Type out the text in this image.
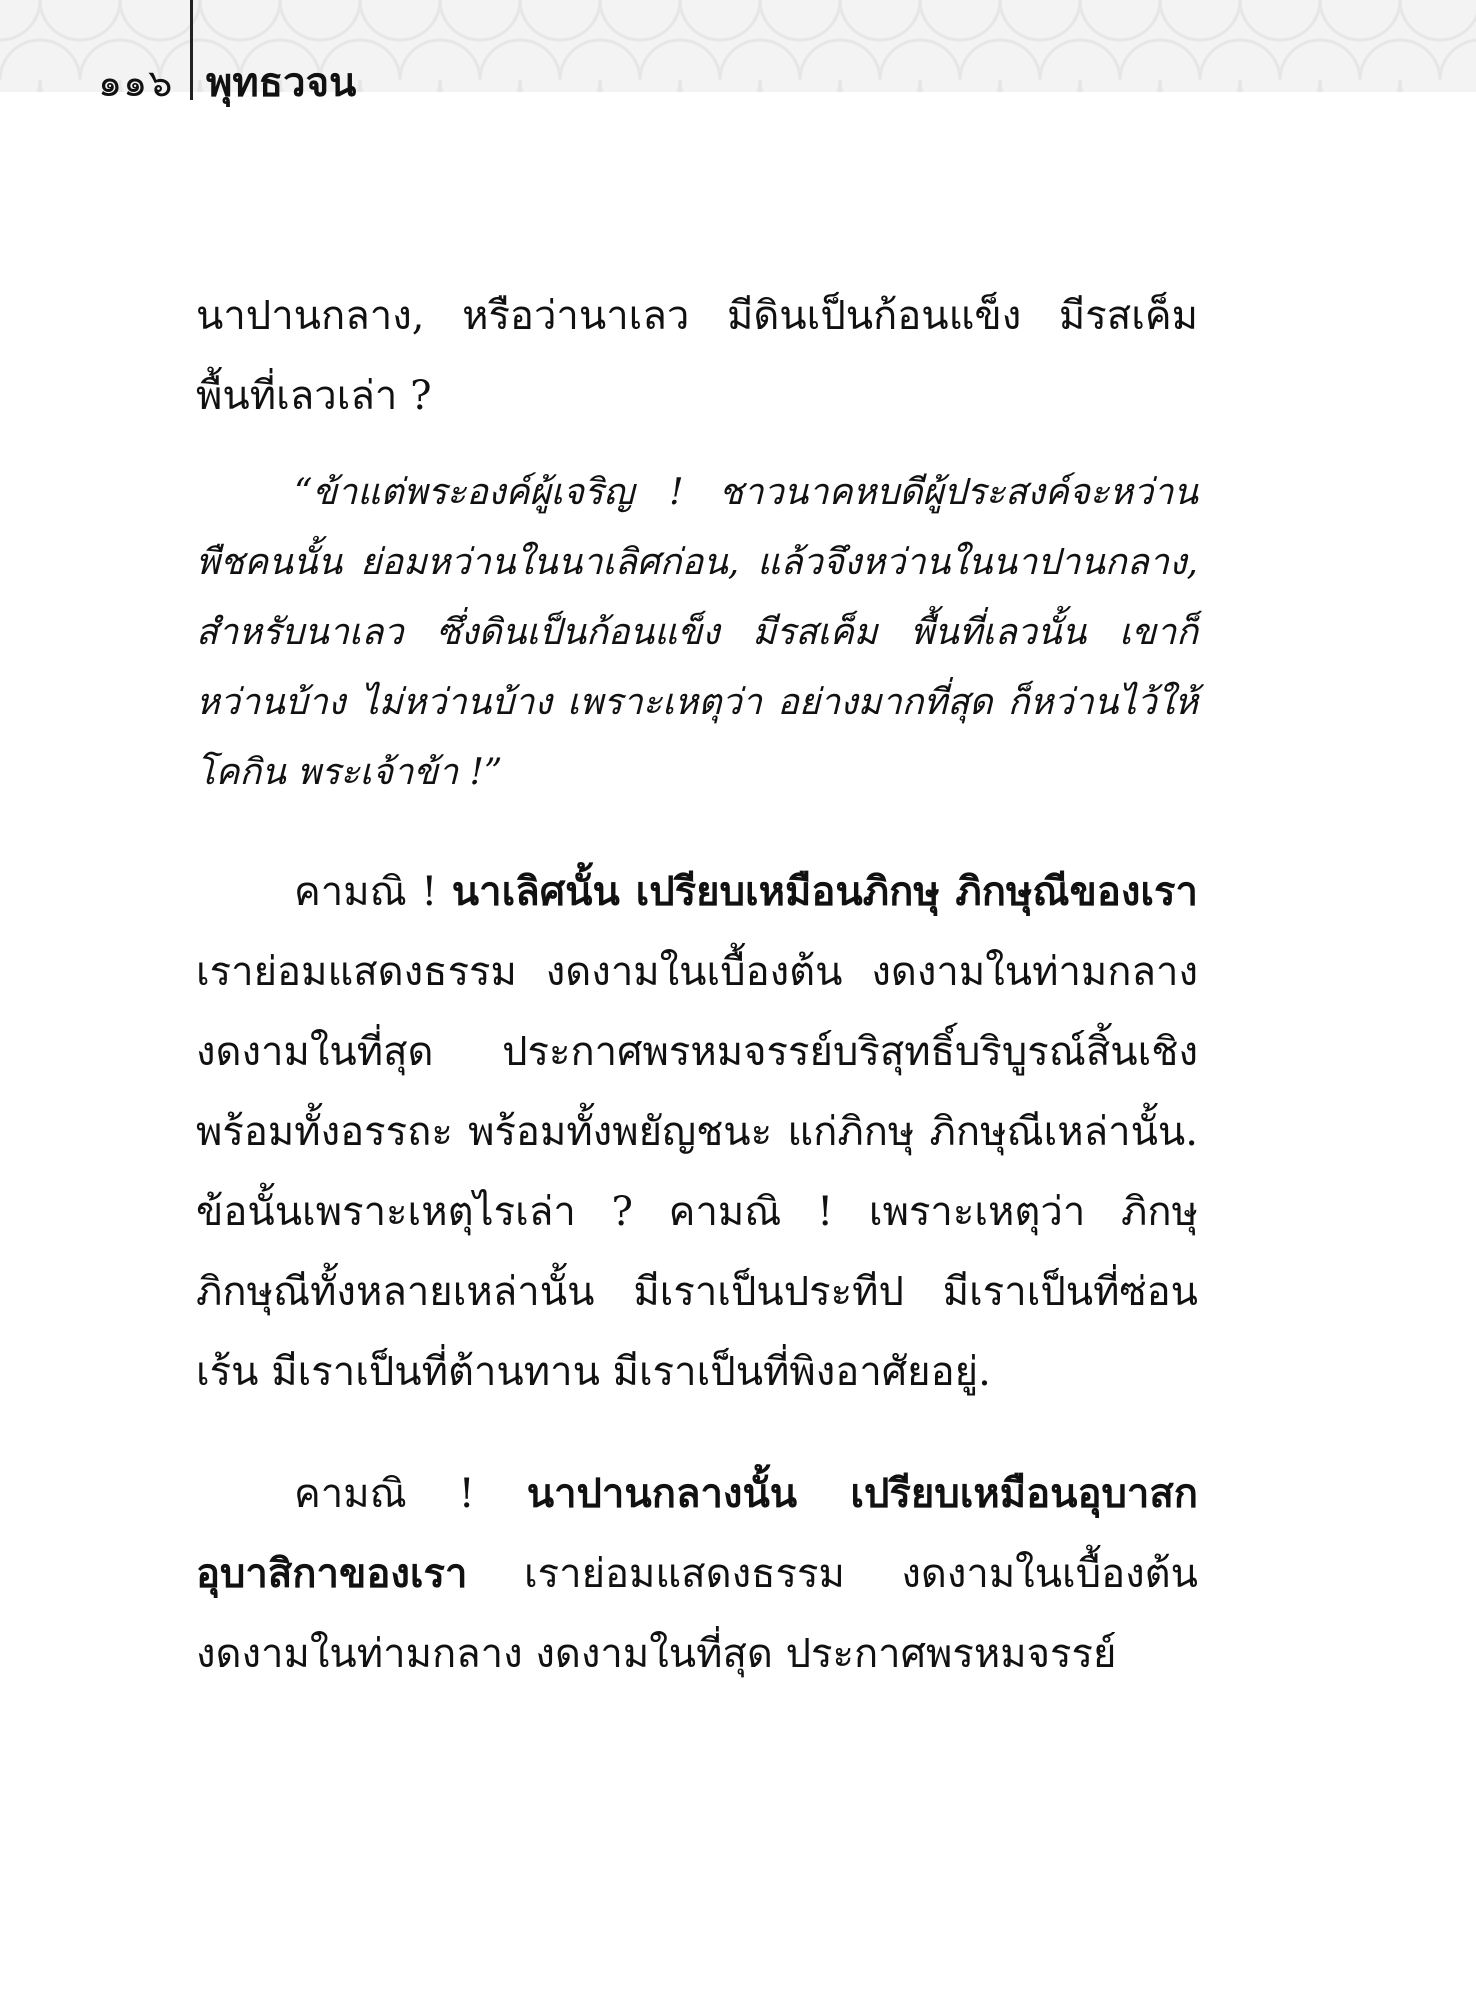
๑๑๖ พุทธวจน

นาปานกลาง, หรือว่านาเลว มีดินเป็นก้อนแข็ง มีรสเค็ม พื้นที่เลวเล่า ?

“ข้าแต่พระองค์ผู้เจริญ ! ชาวนาคหบดีผู้ประสงค์จะหว่านพืชคนนั้น ย่อมหว่านในนาเลิศก่อน, แล้วจึงหว่านในนาปานกลาง, สำหรับนาเลว ซึ่งดินเป็นก้อนแข็ง มีรสเค็ม พื้นที่เลวนั้น เขาก็หว่านบ้าง ไม่หว่านบ้าง เพราะเหตุว่า อย่างมากที่สุด ก็หว่านไว้ให้โคกิน พระเจ้าข้า !”

คามณิ ! นาเลิศนั้น เปรียบเหมือนภิกษุ ภิกษุณีของเรา เราย่อมแสดงธรรม งดงามในเบื้องต้น งดงามในท่ามกลาง งดงามในที่สุด ประกาศพรหมจรรย์บริสุทธิ์บริบูรณ์สิ้นเชิง พร้อมทั้งอรรถะ พร้อมทั้งพยัญชนะ แก่ภิกษุ ภิกษุณีเหล่านั้น. ข้อนั้นเพราะเหตุไรเล่า ? คามณิ ! เพราะเหตุว่า ภิกษุ ภิกษุณีทั้งหลายเหล่านั้น มีเราเป็นประทีป มีเราเป็นที่ซ่อนเร้น มีเราเป็นที่ต้านทาน มีเราเป็นที่พิงอาศัยอยู่.

คามณิ ! นาปานกลางนั้น เปรียบเหมือนอุบาสกอุบาสิกาของเรา เราย่อมแสดงธรรม งดงามในเบื้องต้น งดงามในท่ามกลาง งดงามในที่สุด ประกาศพรหมจรรย์
